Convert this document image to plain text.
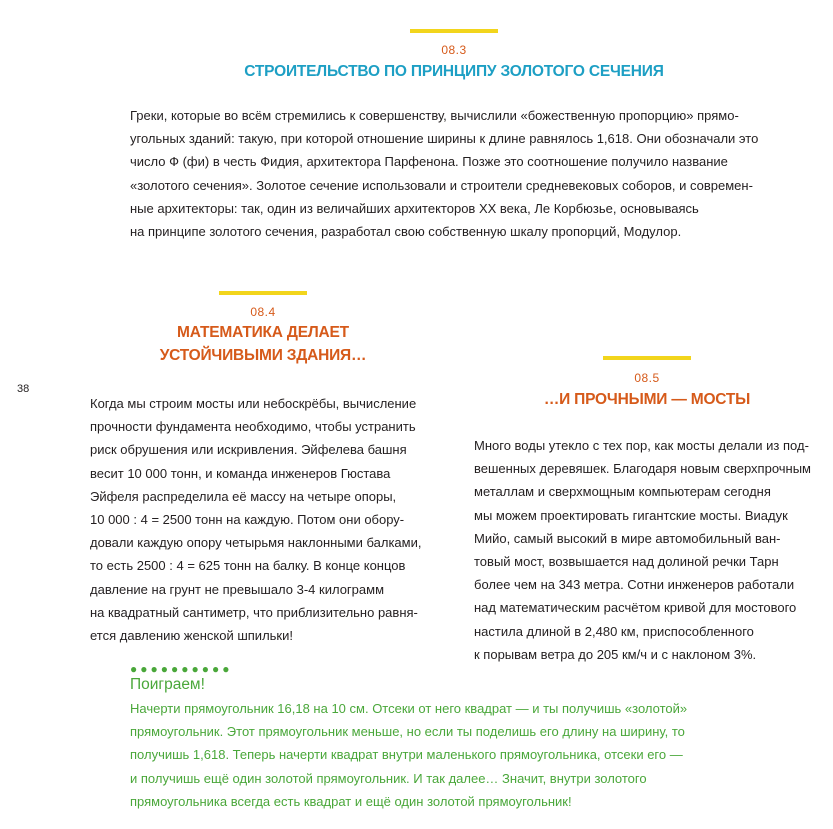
08.3
СТРОИТЕЛЬСТВО ПО ПРИНЦИПУ ЗОЛОТОГО СЕЧЕНИЯ
Греки, которые во всём стремились к совершенству, вычислили «божественную пропорцию» прямо-
угольных зданий: такую, при которой отношение ширины к длине равнялось 1,618. Они обозначали это
число Ф (фи) в честь Фидия, архитектора Парфенона. Позже это соотношение получило название
«золотого сечения». Золотое сечение использовали и строители средневековых соборов, и современ-
ные архитекторы: так, один из величайших архитекторов XX века, Ле Корбюзье, основываясь
на принципе золотого сечения, разработал свою собственную шкалу пропорций, Модулор.
08.4
МАТЕМАТИКА ДЕЛАЕТ
УСТОЙЧИВЫМИ ЗДАНИЯ…
38
Когда мы строим мосты или небоскрёбы, вычисление
прочности фундамента необходимо, чтобы устранить
риск обрушения или искривления. Эйфелева башня
весит 10 000 тонн, и команда инженеров Гюстава
Эйфеля распределила её массу на четыре опоры,
10 000 : 4 = 2500 тонн на каждую. Потом они обору-
довали каждую опору четырьмя наклонными балками,
то есть 2500 : 4 = 625 тонн на балку. В конце концов
давление на грунт не превышало 3-4 килограмм
на квадратный сантиметр, что приблизительно равня-
ется давлению женской шпильки!
08.5
…И ПРОЧНЫМИ — МОСТЫ
Много воды утекло с тех пор, как мосты делали из под-
вешенных деревяшек. Благодаря новым сверхпрочным
металлам и сверхмощным компьютерам сегодня
мы можем проектировать гигантские мосты. Виадук
Мийо, самый высокий в мире автомобильный ван-
товый мост, возвышается над долиной речки Тарн
более чем на 343 метра. Сотни инженеров работали
над математическим расчётом кривой для мостового
настила длиной в 2,480 км, приспособленного
к порывам ветра до 205 км/ч и с наклоном 3%.
●●●●●●●●●●
Поиграем!
Начерти прямоугольник 16,18 на 10 см. Отсеки от него квадрат — и ты получишь «золотой»
прямоугольник. Этот прямоугольник меньше, но если ты поделишь его длину на ширину, то
получишь 1,618. Теперь начерти квадрат внутри маленького прямоугольника, отсеки его —
и получишь ещё один золотой прямоугольник. И так далее… Значит, внутри золотого
прямоугольника всегда есть квадрат и ещё один золотой прямоугольник!
